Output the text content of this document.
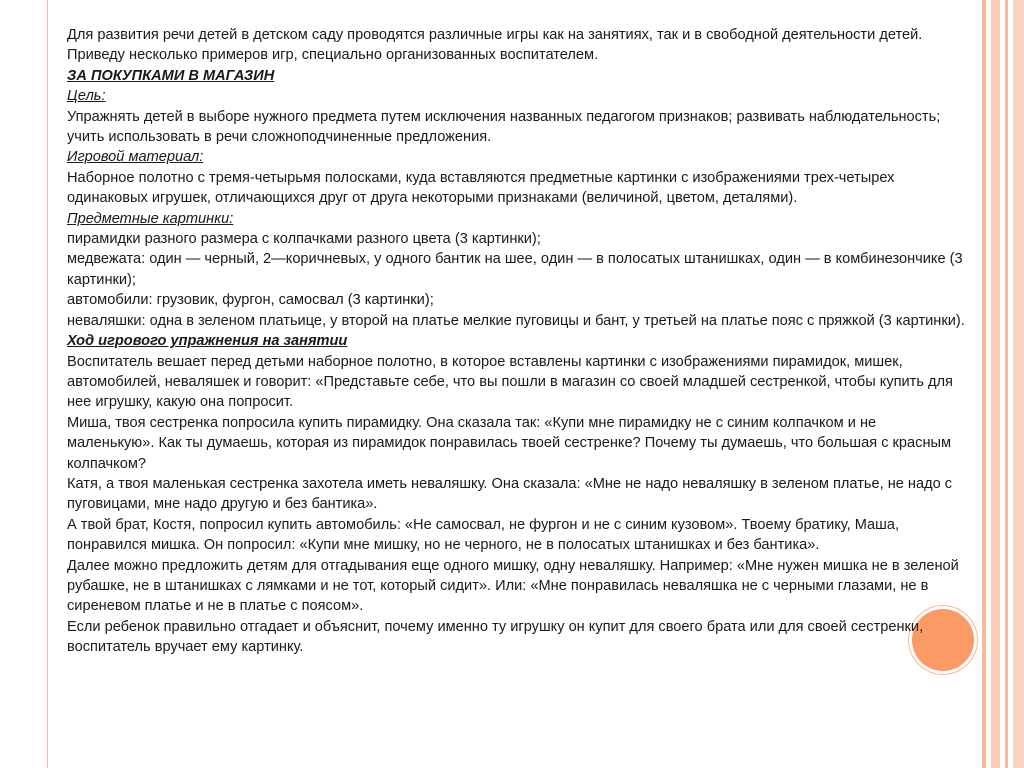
Для развития речи детей в детском саду проводятся различные игры как на занятиях, так и в свободной деятельности детей. Приведу несколько примеров игр, специально организованных воспитателем.

ЗА ПОКУПКАМИ В МАГАЗИН

Цель:

Упражнять детей в выборе нужного предмета путем исключения названных педагогом признаков; развивать наблюдательность; учить использовать в речи сложноподчиненные предложения.

Игровой материал:

Наборное полотно с тремя-четырьмя полосками, куда вставляются предметные картинки с изображениями трех-четырех одинаковых игрушек, отличающихся друг от друга некоторыми признаками (величиной, цветом, деталями).

Предметные картинки:

пирамидки разного размера с колпачками разного цвета (3 картинки);

медвежата: один — черный, 2—коричневых, у одного бантик на шее, один — в полосатых штанишках, один — в комбинезончике (3 картинки);

автомобили: грузовик, фургон, самосвал (3 картинки);

неваляшки: одна в зеленом платьице, у второй на платье мелкие пуговицы и бант, у третьей на платье пояс с пряжкой (3 картинки).

Ход игрового упражнения на занятии

Воспитатель вешает перед детьми наборное полотно, в которое вставлены картинки с изображениями пирамидок, мишек, автомобилей, неваляшек и говорит: «Представьте себе, что вы пошли в магазин со своей младшей сестренкой, чтобы купить для нее игрушку, какую она попросит.

Миша, твоя сестренка попросила купить пирамидку. Она сказала так: «Купи мне пирамидку не с синим колпачком и не маленькую». Как ты думаешь, которая из пирамидок понравилась твоей сестренке? Почему ты думаешь, что большая с красным колпачком?

Катя, а твоя маленькая сестренка захотела иметь неваляшку. Она сказала: «Мне не надо неваляшку в зеленом платье, не надо с пуговицами, мне надо другую и без бантика».

А твой брат, Костя, попросил купить автомобиль: «Не самосвал, не фургон и не с синим кузовом». Твоему братику, Маша, понравился мишка. Он попросил: «Купи мне мишку, но не черного, не в полосатых штанишках и без бантика».

Далее можно предложить детям для отгадывания еще одного мишку, одну неваляшку. Например: «Мне нужен мишка не в зеленой рубашке, не в штанишках с лямками и не тот, который сидит». Или: «Мне понравилась неваляшка не с черными глазами, не в сиреневом платье и не в платье с поясом».

Если ребенок правильно отгадает и объяснит, почему именно ту игрушку он купит для своего брата или для своей сестренки, воспитатель вручает ему картинку.
